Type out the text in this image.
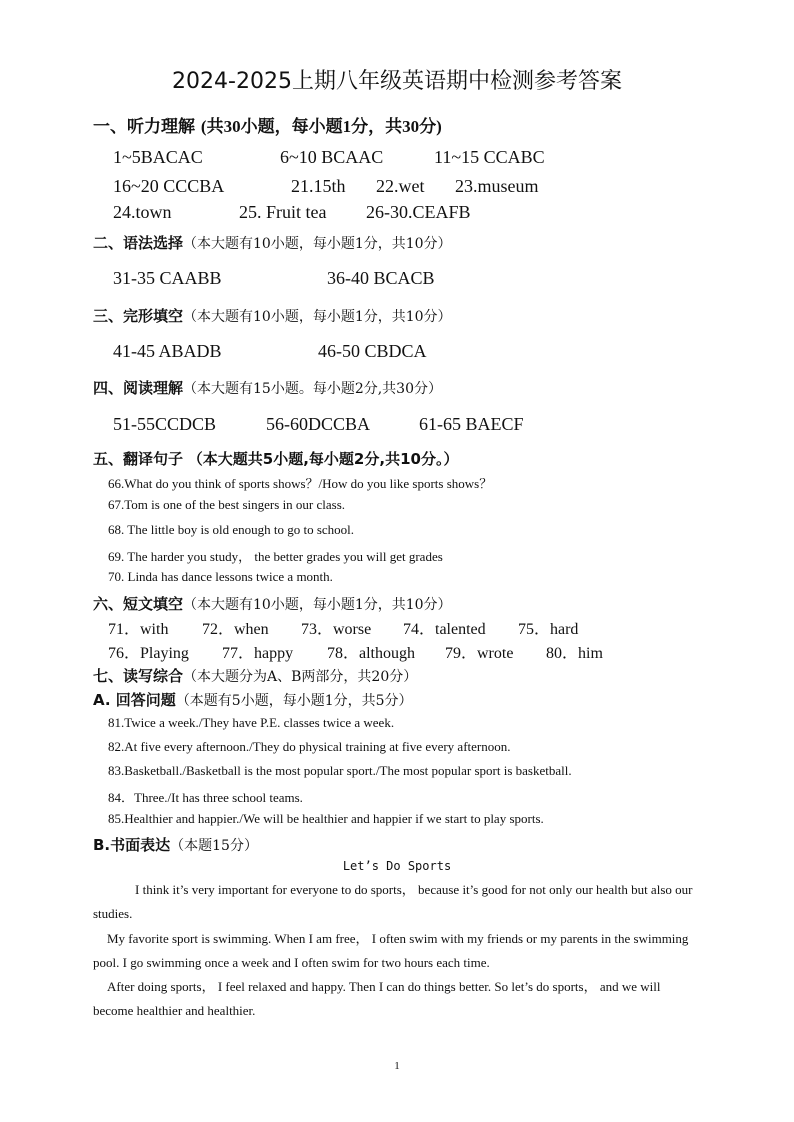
2024-2025上期八年级英语期中检测参考答案
一、听力理解 (共30小题，每小题1分，共30分)
1~5BACAC	6~10 BCAAC	11~15 CCABC
16~20 CCCBA	21.15th 22.wet 23.museum
24.town	25. Fruit tea 26-30.CEAFB
二、语法选择（本大题有10小题，每小题1分，共10分）
31-35 CAABB	36-40 BCACB
三、完形填空（本大题有10小题，每小题1分，共10分）
41-45 ABADB	46-50 CBDCA
四、阅读理解（本大题有15小题。每小题2分,共30分）
51-55CCDCB	56-60DCCBA	61-65 BAECF
五、翻译句子 （本大题共5小题,每小题2分,共10分。）
66.What do you think of sports shows？/How do you like sports shows？
67.Tom is one of the best singers in our class.
68. The little boy is old enough to go to school.
69. The harder you study， the better grades you will get grades
70. Linda has dance lessons twice a month.
六、短文填空（本大题有10小题，每小题1分，共10分）
71．with 72．when 73．worse 74．talented 75．hard
76．Playing 77．happy 78．although 79．wrote 80．him
七、读写综合（本大题分为A、B两部分，共20分）
A. 回答问题（本题有5小题，每小题1分，共5分）
81.Twice a week./They have P.E. classes twice a week.
82.At five every afternoon./They do physical training at five every afternoon.
83.Basketball./Basketball is the most popular sport./The most popular sport is basketball.
84．Three./It has three school teams.
85.Healthier and happier./We will be healthier and happier if we start to play sports.
B.书面表达（本题15分）
Let’s Do Sports
I think it’s very important for everyone to do sports， because it’s good for not only our health but also our studies.
My favorite sport is swimming. When I am free， I often swim with my friends or my parents in the swimming pool. I go swimming once a week and I often swim for two hours each time.
After doing sports， I feel relaxed and happy. Then I can do things better. So let’s do sports， and we will become healthier and healthier.
1
